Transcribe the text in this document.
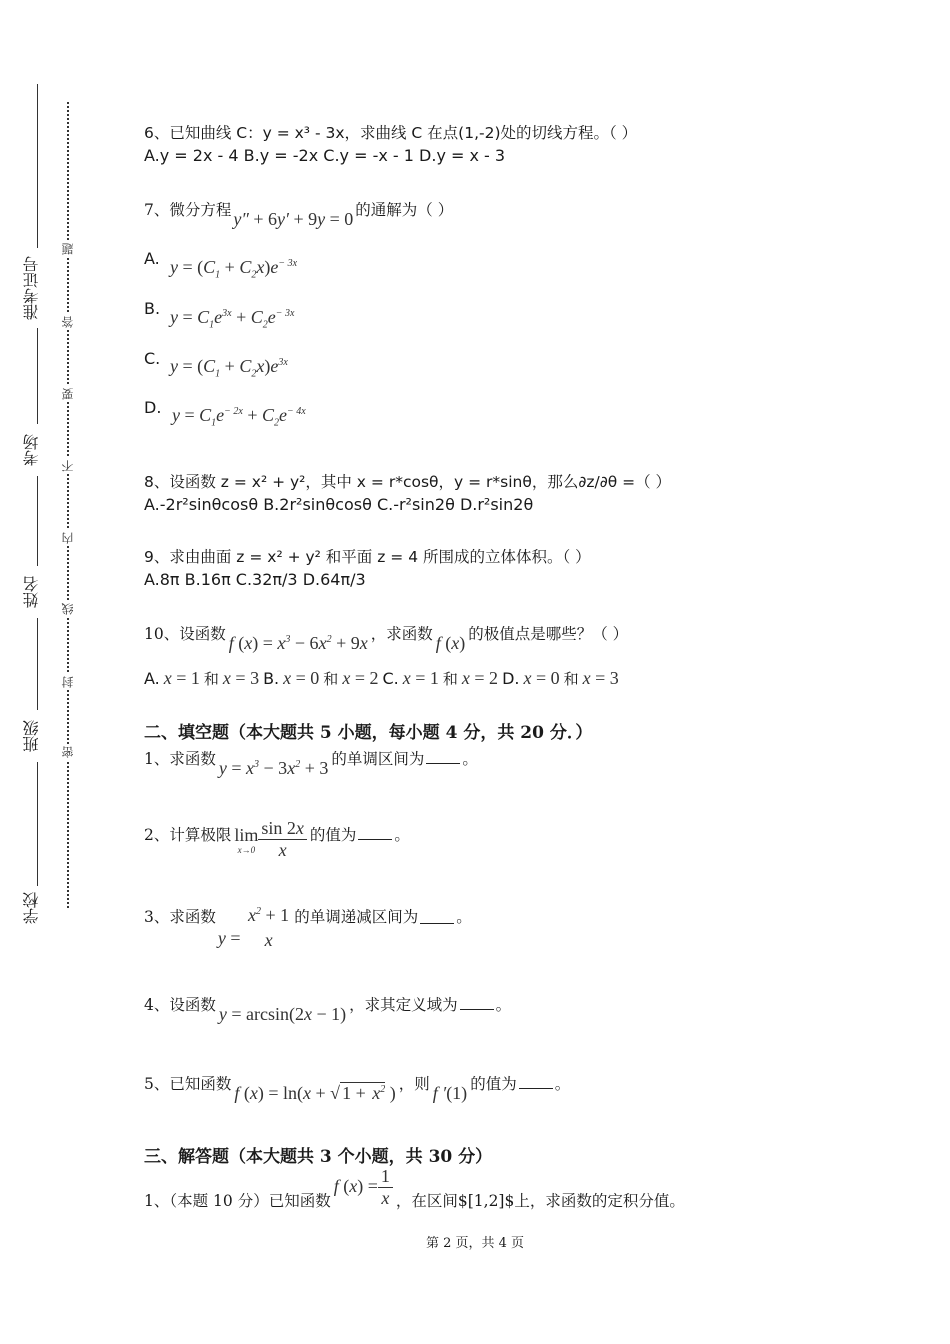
准考证号
考场
姓名
班级
学校
题
答
要
不
内
线
封
密
6、已知曲线 C：y = x³ - 3x，求曲线 C 在点(1,-2)处的切线方程。（ ）
A.y = 2x - 4 B.y = -2x C.y = -x - 1 D.y = x - 3
7、微分方程 y″ + 6y′ + 9y = 0 的通解为（ ）
A. $y = (C_1 + C_2x)e^{- 3x}$
B. $y = C_1e^{3x} + C_2e^{- 3x}$
C. $y = (C_1 + C_2x)e^{3x}$
D. $y = C_1e^{- 2x} + C_2e^{- 4x}$
8、设函数 z = x² + y²，其中 x = r*cosθ，y = r*sinθ，那么∂z/∂θ =（ ）
A.-2r²sinθcosθ B.2r²sinθcosθ C.-r²sin2θ D.r²sin2θ
9、求由曲面 z = x² + y² 和平面 z = 4 所围成的立体体积。（ ）
A.8π B.16π C.32π/3 D.64π/3
10、设函数 f $(x) = x^3 - 6x^2 + 9x$ ，求函数 f (x) 的极值点是哪些？（ ）
A. x = 1 和 x = 3 B. x = 0 和 x = 2 C. x = 1 和 x = 2 D. x = 0 和 x = 3
二、填空题（本大题共 5 小题，每小题 4 分，共 20 分．）
1、求函数 $y = x^3 - 3x^2 + 3$ 的单调区间为 。
2、计算极限 lim
$x\to 0 \frac{\sin 2x}{x}$ 的值为 。
3、求函数y =
$x^2 + 1$
x
的单调递减区间为 。
4、设函数 y = arcsin(2x − 1) ，求其定义域为 。
5、已知函数 f (x) = ln(x + √ $1 + x^2$ ) ，则 f ′(1) 的值为 。
三、解答题（本大题共 3 个小题，共 30 分）
1、（本题 10 分）已知函数f $(x) = \frac{1}{x}$ ，在区间$[1,2]$上，求函数的定积分值。
第 2 页，共 4 页
